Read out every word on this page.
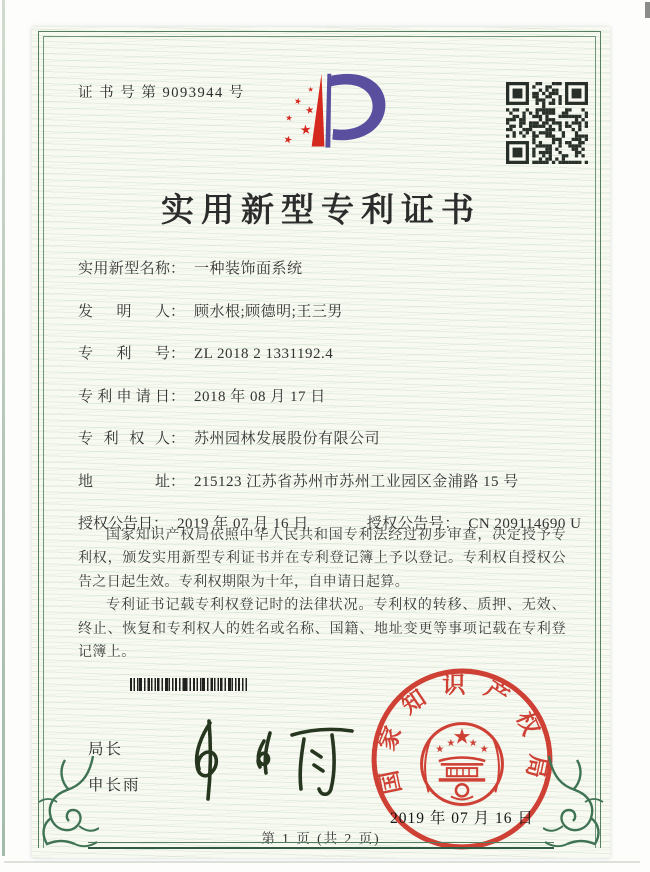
证 书 号 第 9093944 号
实用新型专利证书
实用新型名称 ： 一种装饰面系统
发明人 ： 顾水根;顾德明;王三男
专利号 ： ZL 2018 2 1331192.4
专利申请日 ： 2018 年 08 月 17 日
专利权人 ： 苏州园林发展股份有限公司
地址 ： 215123 江苏省苏州市苏州工业园区金浦路 15 号
授权公告日 ： 2019 年 07 月 16 日	授权公告号 ： CN 209114690 U

国家知识产权局依照中华人民共和国专利法经过初步审查，决定授予专利权，颁发实用新型专利证书并在专利登记簿上予以登记。专利权自授权公告之日起生效。专利权期限为十年，自申请日起算。

专利证书记载专利权登记时的法律状况。专利权的转移、质押、无效、终止、恢复和专利权人的姓名或名称、国籍、地址变更等事项记载在专利登记簿上。

国家知识产权局
2019 年 07 月 16 日
局长
申长雨
第 1 页 (共 2 页)
